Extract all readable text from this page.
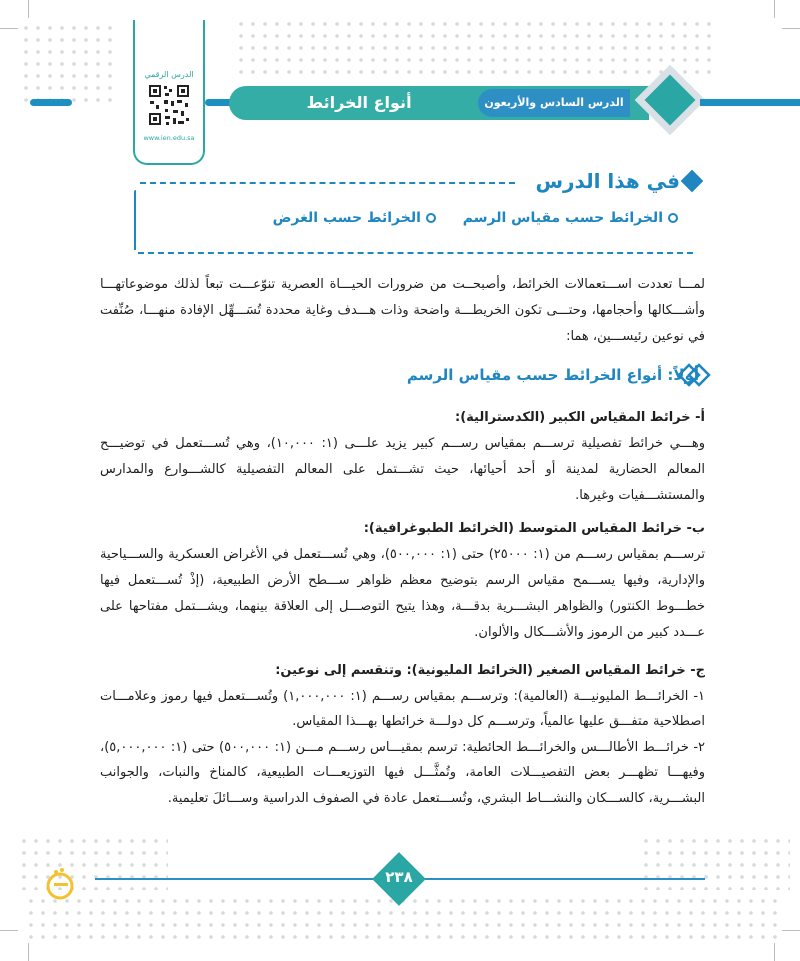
الدرس الرقمي
www.ien.edu.sa
أنواع الخرائط	الدرس السادس والأربعون
في هذا الدرس
الخرائط حسب مقياس الرسم الخرائط حسب الغرض
لمـــا تعددت اســـتعمالات الخرائط، وأصبحــت من ضرورات الحيـــاة العصرية تنوّعـــت تبعاً لذلك موضوعاتهـــا وأشـــكالها وأحجامها، وحتـــى تكون الخريطـــة واضحة وذات هـــدف وغاية محددة تُسَـــهِّل الإفادة منهـــا، صُنِّفت في نوعين رئيســـين، هما:
أولاً: أنواع الخرائط حسب مقياس الرسم
أ- خرائط المقياس الكبير (الكدسترالية):
وهـــي خرائط تفصيلية ترســـم بمقياس رســـم كبير يزيد علـــى (١: ١٠,٠٠٠)، وهي تُســـتعمل في توضيـــح المعالم الحضارية لمدينة أو أحد أحيائها، حيث تشـــتمل على المعالم التفصيلية كالشـــوارع والمدارس والمستشـــفيات وغيرها.
ب- خرائط المقياس المتوسط (الخرائط الطبوغرافية):
ترســـم بمقياس رســـم من (١: ٢٥٠٠٠) حتى (١: ٥٠٠,٠٠٠)، وهي تُســـتعمل في الأغراض العسكرية والســـياحية والإدارية، وفيها يســـمح مقياس الرسم بتوضيح معظم ظواهر ســـطح الأرض الطبيعية، (إذْ تُســـتعمل فيها خطـــوط الكنتور) والظواهر البشـــرية بدقـــة، وهذا يتيح التوصـــل إلى العلاقة بينهما، ويشـــتمل مفتاحها على عـــدد كبير من الرموز والأشـــكال والألوان.
ج- خرائط المقياس الصغير (الخرائط المليونية): وتنقسم إلى نوعين:
١- الخرائـــط المليونيـــة (العالمية): وترســـم بمقياس رســـم (١: ١,٠٠٠,٠٠٠) وتُســـتعمل فيها رموز وعلامـــات اصطلاحية متفـــق عليها عالمياً، وترســـم كل دولـــة خرائطها بهـــذا المقياس.
٢- خرائـــط الأطالـــس والخرائـــط الحائطية: ترسم بمقيـــاس رســـم مـــن (١: ٥٠٠,٠٠٠) حتى (١: ٥,٠٠٠,٠٠٠)، وفيهـــا تظهـــر بعض التفصيـــلات العامة، وتُمثَّـــل فيها التوزيعـــات الطبيعية، كالمناخ والنبات، والجوانب البشـــرية، كالســـكان والنشـــاط البشري، وتُســـتعمل عادة في الصفوف الدراسية وســـائلَ تعليمية.
٢٣٨
